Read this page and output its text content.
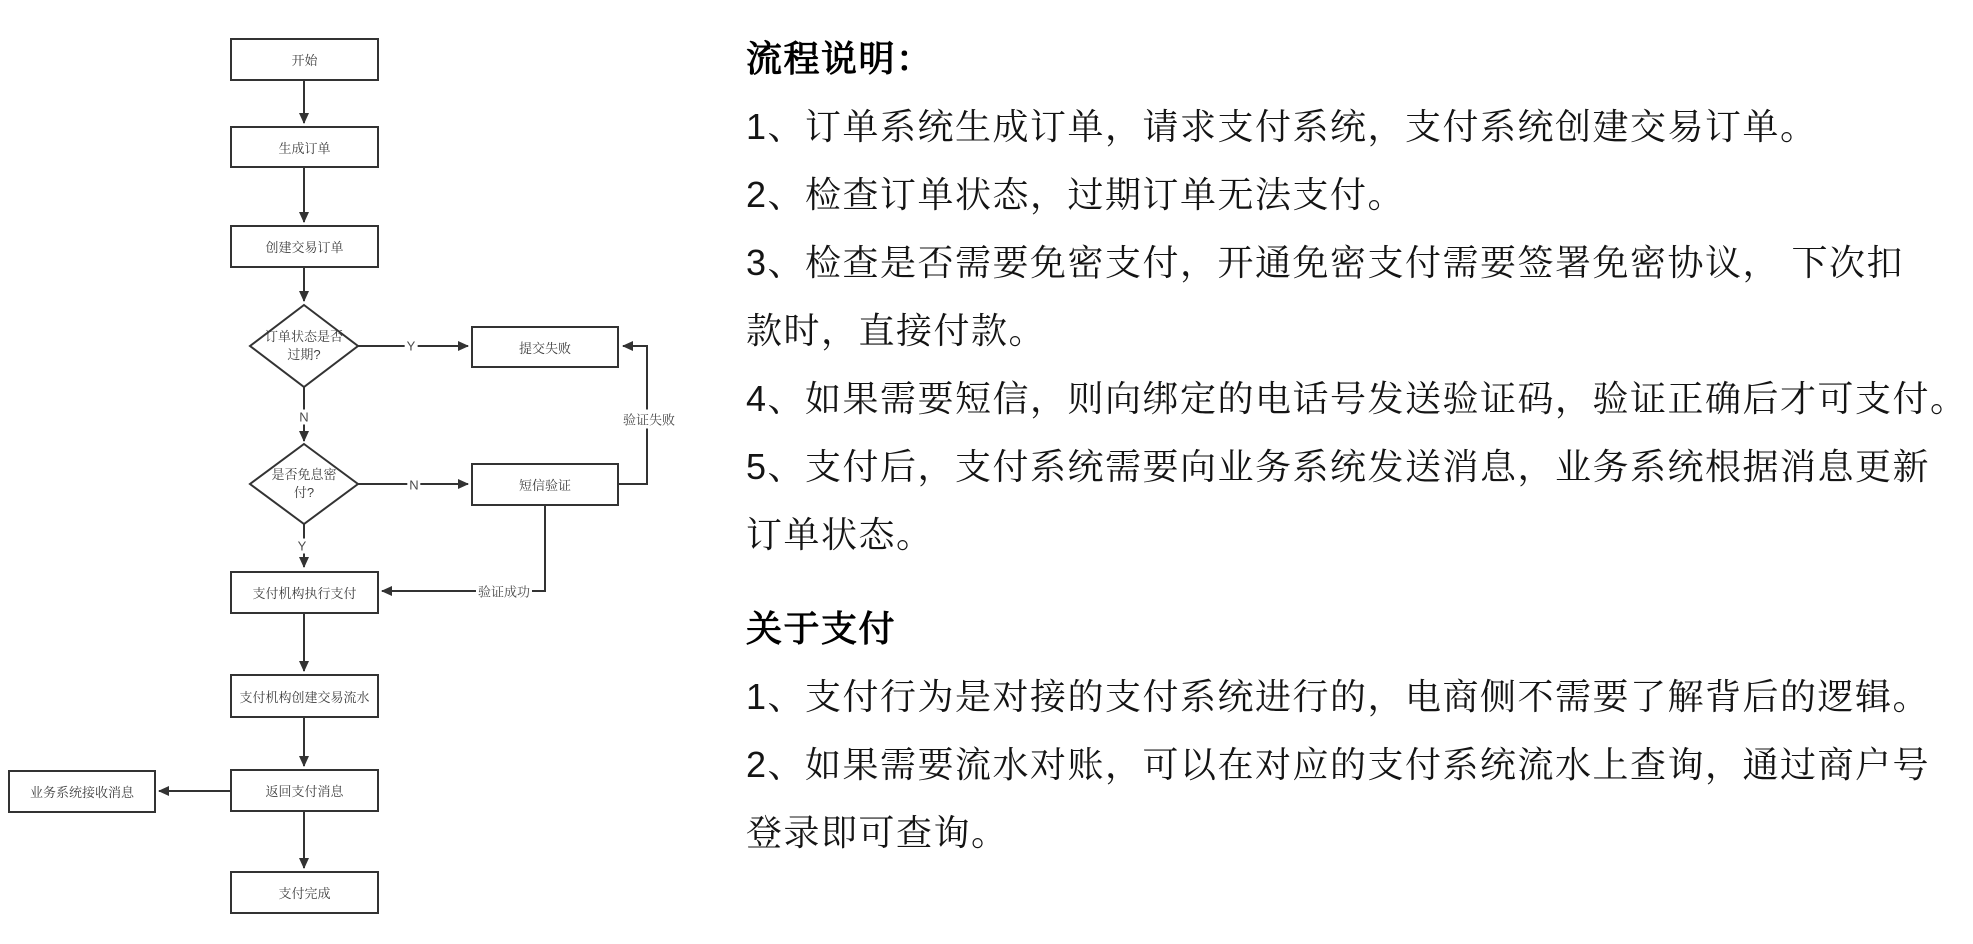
开始
生成订单
创建交易订单
提交失败
短信验证
支付机构执行支付
支付机构创建交易流水
返回支付消息
业务系统接收消息
支付完成
订单状态是否
过期?
是否免息密
付?
Y
N
N
Y
验证失败
验证成功
流程说明：
1、订单系统生成订单，请求支付系统，支付系统创建交易订单。
2、检查订单状态，过期订单无法支付。
3、检查是否需要免密支付，开通免密支付需要签署免密协议， 下次扣
款时，直接付款。
4、如果需要短信，则向绑定的电话号发送验证码，验证正确后才可支付。
5、支付后，支付系统需要向业务系统发送消息，业务系统根据消息更新
订单状态。
关于支付
1、支付行为是对接的支付系统进行的，电商侧不需要了解背后的逻辑。
2、如果需要流水对账，可以在对应的支付系统流水上查询，通过商户号
登录即可查询。
